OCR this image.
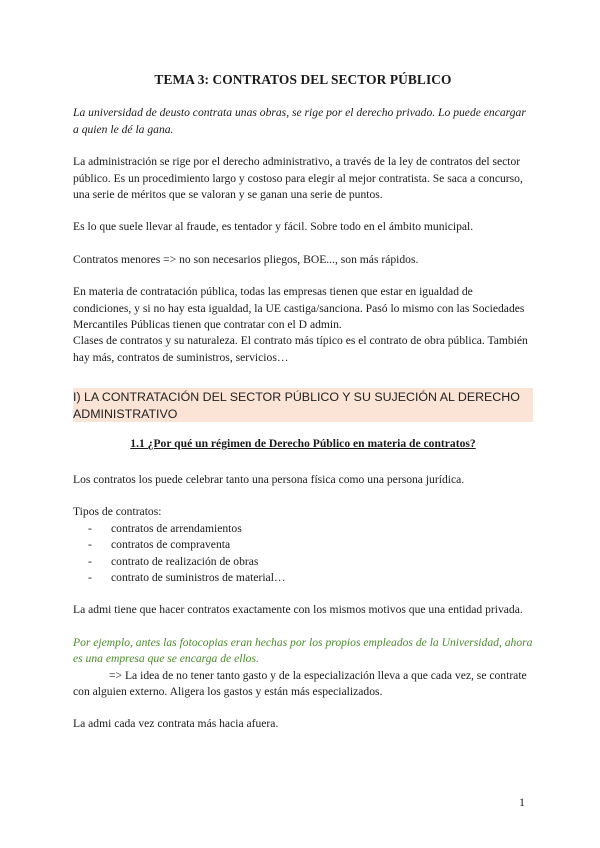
TEMA 3: CONTRATOS DEL SECTOR PÚBLICO

La universidad de deusto contrata unas obras, se rige por el derecho privado. Lo puede encargar a quien le dé la gana.

La administración se rige por el derecho administrativo, a través de la ley de contratos del sector público. Es un procedimiento largo y costoso para elegir al mejor contratista. Se saca a concurso, una serie de méritos que se valoran y se ganan una serie de puntos.

Es lo que suele llevar al fraude, es tentador y fácil. Sobre todo en el ámbito municipal.

Contratos menores => no son necesarios pliegos, BOE..., son más rápidos.

En materia de contratación pública, todas las empresas tienen que estar en igualdad de condiciones, y si no hay esta igualdad, la UE castiga/sanciona. Pasó lo mismo con las Sociedades Mercantiles Públicas tienen que contratar con el D admin.

Clases de contratos y su naturaleza. El contrato más típico es el contrato de obra pública. También hay más, contratos de suministros, servicios…

I) LA CONTRATACIÓN DEL SECTOR PÚBLICO Y SU SUJECIÓN AL DERECHO ADMINISTRATIVO

1.1 ¿Por qué un régimen de Derecho Público en materia de contratos?

Los contratos los puede celebrar tanto una persona física como una persona jurídica.

Tipos de contratos:

- contratos de arrendamientos
- contratos de compraventa
- contrato de realización de obras
- contrato de suministros de material…

La admi tiene que hacer contratos exactamente con los mismos motivos que una entidad privada.

Por ejemplo, antes las fotocopias eran hechas por los propios empleados de la Universidad, ahora es una empresa que se encarga de ellos.

=> La idea de no tener tanto gasto y de la especialización lleva a que cada vez, se contrate con alguien externo. Aligera los gastos y están más especializados.

La admi cada vez contrata más hacia afuera.

1
